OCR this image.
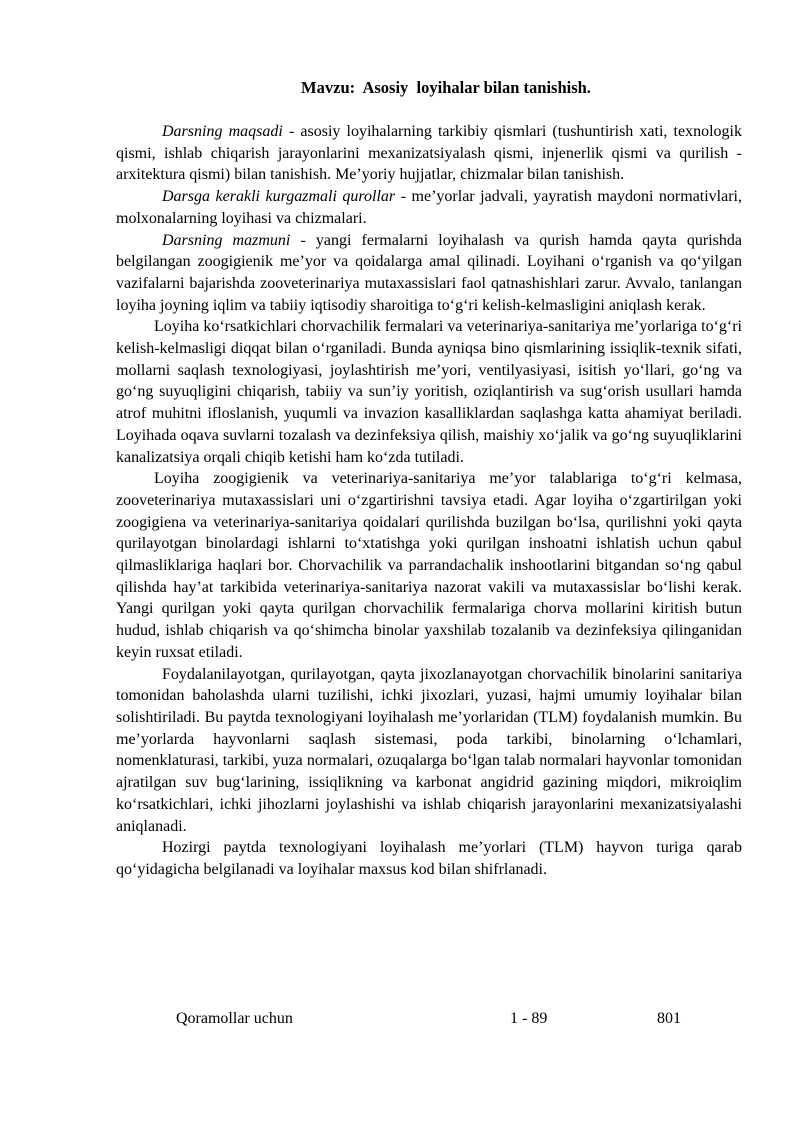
Mavzu:  Asosiy  loyihalar bilan tanishish.

Darsning maqsadi - asosiy loyihalarning tarkibiy qismlari (tushuntirish xati, texnologik qismi, ishlab chiqarish jarayonlarini mexanizatsiyalash qismi, injenerlik qismi va qurilish - arxitektura qismi) bilan tanishish. Me’yoriy hujjatlar, chizmalar bilan tanishish.

Darsga kerakli kurgazmali qurollar - me’yorlar jadvali, yayratish maydoni normativlari, molxonalarning loyihasi va chizmalari.

Darsning mazmuni - yangi fermalarni loyihalash va qurish hamda qayta qurishda belgilangan zoogigienik me’yor va qoidalarga amal qilinadi. Loyihani o‘rganish va qo‘yilgan vazifalarni bajarishda zooveterinariya mutaxassislari faol qatnashishlari zarur. Avvalo, tanlangan loyiha joyning iqlim va tabiiy iqtisodiy sharoitiga to‘g‘ri kelish-kelmasligini aniqlash kerak.

Loyiha ko‘rsatkichlari chorvachilik fermalari va veterinariya-sanitariya me’yorlariga to‘g‘ri kelish-kelmasligi diqqat bilan o‘rganiladi. Bunda ayniqsa bino qismlarining issiqlik-texnik sifati, mollarni saqlash texnologiyasi, joylashtirish me’yori, ventilyasiyasi, isitish yo‘llari, go‘ng va go‘ng suyuqligini chiqarish, tabiiy va sun’iy yoritish, oziqlantirish va sug‘orish usullari hamda atrof muhitni ifloslanish, yuqumli va invazion kasalliklardan saqlashga katta ahamiyat beriladi. Loyihada oqava suvlarni tozalash va dezinfeksiya qilish, maishiy xo‘jalik va go‘ng suyuqliklarini kanalizatsiya orqali chiqib ketishi ham ko‘zda tutiladi.

Loyiha zoogigienik va veterinariya-sanitariya me’yor talablariga to‘g‘ri kelmasa, zooveterinariya mutaxassislari uni o‘zgartirishni tavsiya etadi. Agar loyiha o‘zgartirilgan yoki zoogigiena va veterinariya-sanitariya qoidalari qurilishda buzilgan bo‘lsa, qurilishni yoki qayta qurilayotgan binolardagi ishlarni to‘xtatishga yoki qurilgan inshoatni ishlatish uchun qabul qilmasliklariga haqlari bor. Chorvachilik va parrandachalik inshootlarini bitgandan so‘ng qabul qilishda hay’at tarkibida veterinariya-sanitariya nazorat vakili va mutaxassislar bo‘lishi kerak. Yangi qurilgan yoki qayta qurilgan chorvachilik fermalariga chorva mollarini kiritish butun hudud, ishlab chiqarish va qo‘shimcha binolar yaxshilab tozalanib va dezinfeksiya qilinganidan keyin ruxsat etiladi.

Foydalanilayotgan, qurilayotgan, qayta jixozlanayotgan chorvachilik binolarini sanitariya tomonidan baholashda ularni tuzilishi, ichki jixozlari, yuzasi, hajmi umumiy loyihalar bilan solishtiriladi. Bu paytda texnologiyani loyihalash me’yorlaridan (TLM) foydalanish mumkin. Bu me’yorlarda hayvonlarni saqlash sistemasi, poda tarkibi, binolarning o‘lchamlari, nomenklaturasi, tarkibi, yuza normalari, ozuqalarga bo‘lgan talab normalari hayvonlar tomonidan ajratilgan suv bug‘larining, issiqlikning va karbonat angidrid gazining miqdori, mikroiqlim ko‘rsatkichlari, ichki jihozlarni joylashishi va ishlab chiqarish jarayonlarini mexanizatsiyalashi aniqlanadi.

Hozirgi paytda texnologiyani loyihalash me’yorlari (TLM) hayvon turiga qarab qo‘yidagicha belgilanadi va loyihalar maxsus kod bilan shifrlanadi.

Qoramollar uchun	1 - 89	801
